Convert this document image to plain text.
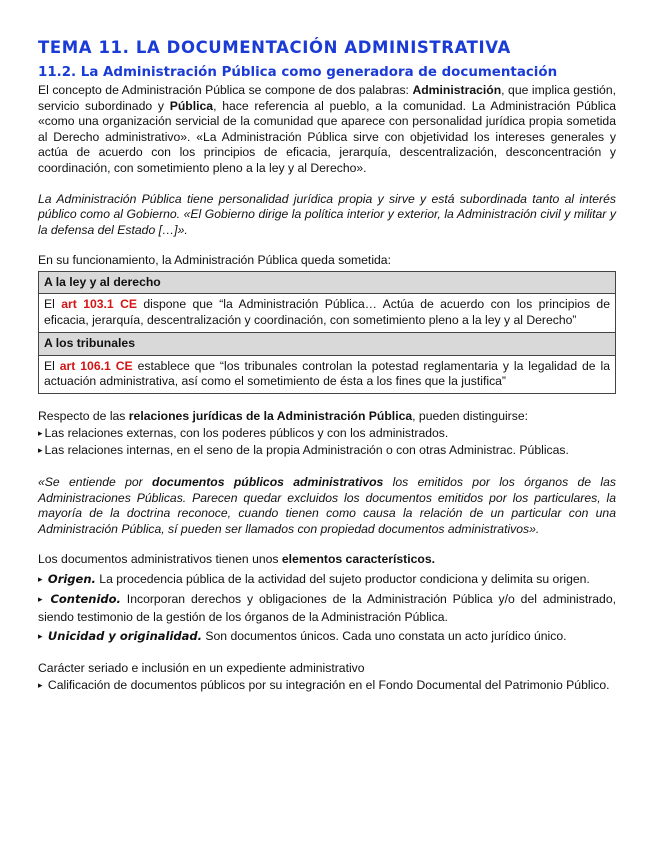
TEMA 11. LA DOCUMENTACIÓN ADMINISTRATIVA
11.2. La Administración Pública como generadora de documentación

El concepto de Administración Pública se compone de dos palabras: Administración, que implica gestión, servicio subordinado y Pública, hace referencia al pueblo, a la comunidad. La Administración Pública «como una organización servicial de la comunidad que aparece con personalidad jurídica propia sometida al Derecho administrativo». «La Administración Pública sirve con objetividad los intereses generales y actúa de acuerdo con los principios de eficacia, jerarquía, descentralización, desconcentración y coordinación, con sometimiento pleno a la ley y al Derecho».

La Administración Pública tiene personalidad jurídica propia y sirve y está subordinada tanto al interés público como al Gobierno. «El Gobierno dirige la política interior y exterior, la Administración civil y militar y la defensa del Estado […]».

En su funcionamiento, la Administración Pública queda sometida:

A la ley y al derecho
El art 103.1 CE dispone que “la Administración Pública… Actúa de acuerdo con los principios de eficacia, jerarquía, descentralización y coordinación, con sometimiento pleno a la ley y al Derecho”
A los tribunales
El art 106.1 CE establece que “los tribunales controlan la potestad reglamentaria y la legalidad de la actuación administrativa, así como el sometimiento de ésta a los fines que la justifica”

Respecto de las relaciones jurídicas de la Administración Pública, pueden distinguirse:

▸ Las relaciones externas, con los poderes públicos y con los administrados.
▸ Las relaciones internas, en el seno de la propia Administración o con otras Administrac. Públicas.

«Se entiende por documentos públicos administrativos los emitidos por los órganos de las Administraciones Públicas. Parecen quedar excluidos los documentos emitidos por los particulares, la mayoría de la doctrina reconoce, cuando tienen como causa la relación de un particular con una Administración Pública, sí pueden ser llamados con propiedad documentos administrativos».

Los documentos administrativos tienen unos elementos característicos.

▸ Origen. La procedencia pública de la actividad del sujeto productor condiciona y delimita su origen.

▸ Contenido. Incorporan derechos y obligaciones de la Administración Pública y/o del administrado, siendo testimonio de la gestión de los órganos de la Administración Pública.

▸ Unicidad y originalidad. Son documentos únicos. Cada uno constata un acto jurídico único.

Carácter seriado e inclusión en un expediente administrativo

▸ Calificación de documentos públicos por su integración en el Fondo Documental del Patrimonio Público.
